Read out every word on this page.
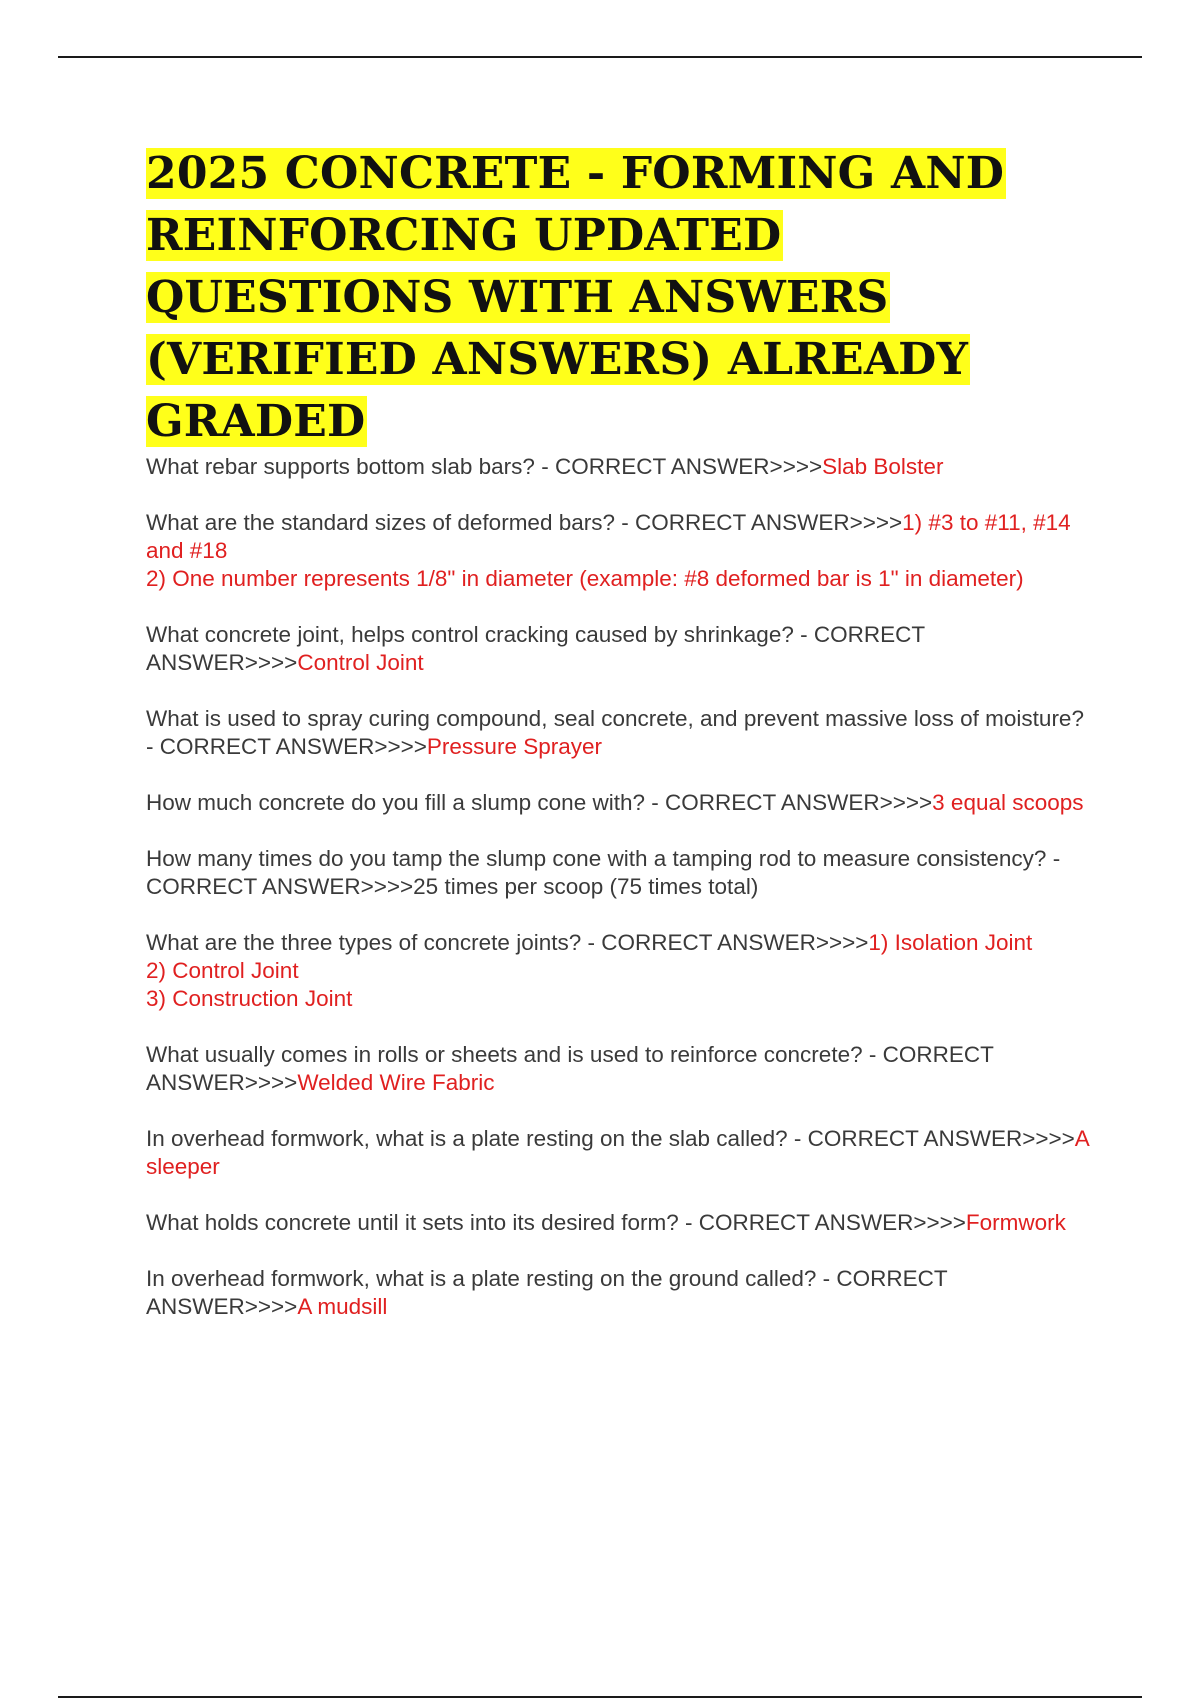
2025 CONCRETE - FORMING AND REINFORCING UPDATED QUESTIONS WITH ANSWERS (VERIFIED ANSWERS) ALREADY GRADED
What rebar supports bottom slab bars? - CORRECT ANSWER>>>>Slab Bolster
What are the standard sizes of deformed bars? - CORRECT ANSWER>>>>1) #3 to #11, #14 and #18
2) One number represents 1/8" in diameter (example: #8 deformed bar is 1" in diameter)
What concrete joint, helps control cracking caused by shrinkage? - CORRECT ANSWER>>>>Control Joint
What is used to spray curing compound, seal concrete, and prevent massive loss of moisture? - CORRECT ANSWER>>>>Pressure Sprayer
How much concrete do you fill a slump cone with? - CORRECT ANSWER>>>>3 equal scoops
How many times do you tamp the slump cone with a tamping rod to measure consistency? - CORRECT ANSWER>>>>25 times per scoop (75 times total)
What are the three types of concrete joints? - CORRECT ANSWER>>>>1) Isolation Joint
2) Control Joint
3) Construction Joint
What usually comes in rolls or sheets and is used to reinforce concrete? - CORRECT ANSWER>>>>Welded Wire Fabric
In overhead formwork, what is a plate resting on the slab called? - CORRECT ANSWER>>>>A sleeper
What holds concrete until it sets into its desired form? - CORRECT ANSWER>>>>Formwork
In overhead formwork, what is a plate resting on the ground called? - CORRECT ANSWER>>>>A mudsill
